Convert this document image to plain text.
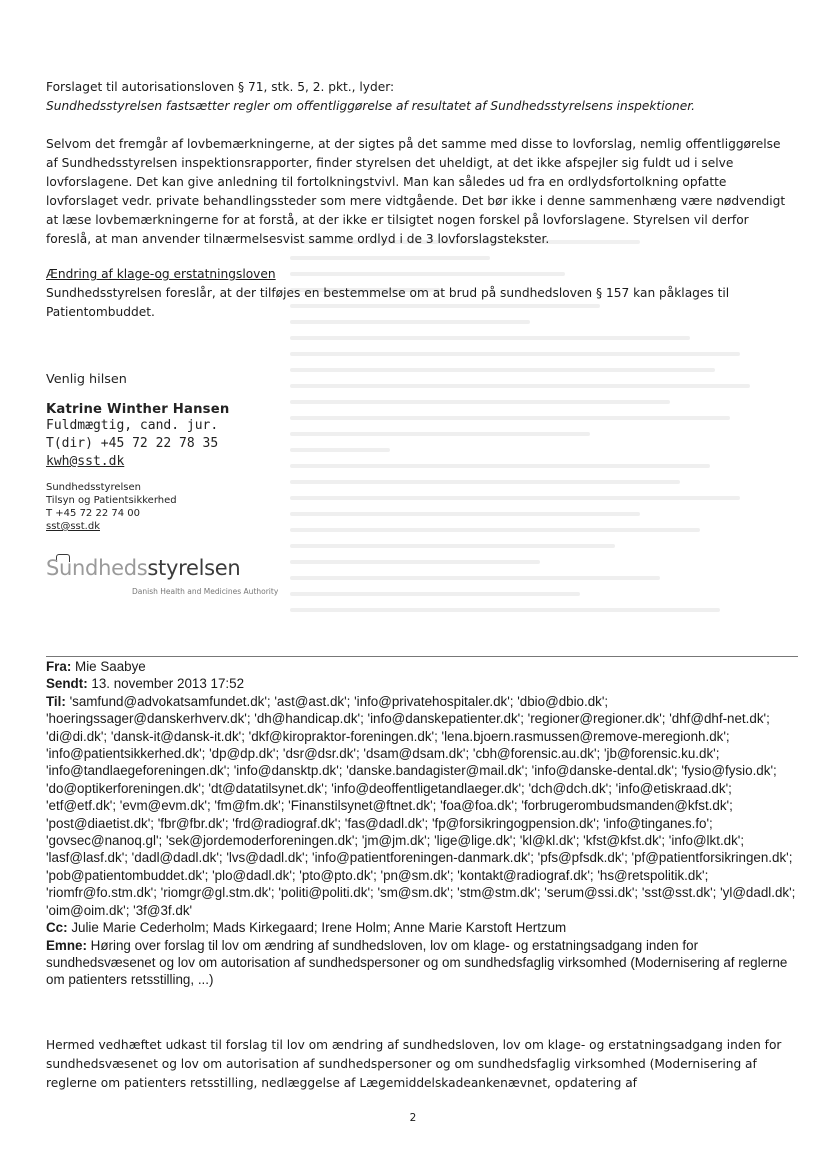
Forslaget til autorisationsloven § 71, stk. 5, 2. pkt., lyder:

Sundhedsstyrelsen fastsætter regler om offentliggørelse af resultatet af Sundhedsstyrelsens inspektioner.

Selvom det fremgår af lovbemærkningerne, at der sigtes på det samme med disse to lovforslag, nemlig offentliggørelse af Sundhedsstyrelsen inspektionsrapporter, finder styrelsen det uheldigt, at det ikke afspejler sig fuldt ud i selve lovforslagene. Det kan give anledning til fortolkningstvivl. Man kan således ud fra en ordlydsfortolkning opfatte lovforslaget vedr. private behandlingssteder som mere vidtgående. Det bør ikke i denne sammenhæng være nødvendigt at læse lovbemærkningerne for at forstå, at der ikke er tilsigtet nogen forskel på lovforslagene. Styrelsen vil derfor foreslå, at man anvender tilnærmelsesvist samme ordlyd i de 3 lovforslagstekster.

Ændring af klage-og erstatningsloven

Sundhedsstyrelsen foreslår, at der tilføjes en bestemmelse om at brud på sundhedsloven § 157 kan påklages til Patientombuddet.

Venlig hilsen
Katrine Winther Hansen
Fuldmægtig, cand. jur.
T(dir) +45 72 22 78 35
kwh@sst.dk
Sundhedsstyrelsen
Tilsyn og Patientsikkerhed
T +45 72 22 74 00
sst@sst.dk
Sundhedsstyrelsen
Danish Health and Medicines Authority

Fra: Mie Saabye

Sendt: 13. november 2013 17:52

Til: 'samfund@advokatsamfundet.dk'; 'ast@ast.dk'; 'info@privatehospitaler.dk'; 'dbio@dbio.dk'; 'hoeringssager@danskerhverv.dk'; 'dh@handicap.dk'; 'info@danskepatienter.dk'; 'regioner@regioner.dk'; 'dhf@dhf-net.dk'; 'di@di.dk'; 'dansk-it@dansk-it.dk'; 'dkf@kiropraktor-foreningen.dk'; 'lena.bjoern.rasmussen@remove-meregionh.dk'; 'info@patientsikkerhed.dk'; 'dp@dp.dk'; 'dsr@dsr.dk'; 'dsam@dsam.dk'; 'cbh@forensic.au.dk'; 'jb@forensic.ku.dk'; 'info@tandlaegeforeningen.dk'; 'info@dansktp.dk'; 'danske.bandagister@mail.dk'; 'info@danske-dental.dk'; 'fysio@fysio.dk'; 'do@optikerforeningen.dk'; 'dt@datatilsynet.dk'; 'info@deoffentligetandlaeger.dk'; 'dch@dch.dk'; 'info@etiskraad.dk'; 'etf@etf.dk'; 'evm@evm.dk'; 'fm@fm.dk'; 'Finanstilsynet@ftnet.dk'; 'foa@foa.dk'; 'forbrugerombudsmanden@kfst.dk'; 'post@diaetist.dk'; 'fbr@fbr.dk'; 'frd@radiograf.dk'; 'fas@dadl.dk'; 'fp@forsikringogpension.dk'; 'info@tinganes.fo'; 'govsec@nanoq.gl'; 'sek@jordemoderforeningen.dk'; 'jm@jm.dk'; 'lige@lige.dk'; 'kl@kl.dk'; 'kfst@kfst.dk'; 'info@lkt.dk'; 'lasf@lasf.dk'; 'dadl@dadl.dk'; 'lvs@dadl.dk'; 'info@patientforeningen-danmark.dk'; 'pfs@pfsdk.dk'; 'pf@patientforsikringen.dk'; 'pob@patientombuddet.dk'; 'plo@dadl.dk'; 'pto@pto.dk'; 'pn@sm.dk'; 'kontakt@radiograf.dk'; 'hs@retspolitik.dk'; 'riomfr@fo.stm.dk'; 'riomgr@gl.stm.dk'; 'politi@politi.dk'; 'sm@sm.dk'; 'stm@stm.dk'; 'serum@ssi.dk'; 'sst@sst.dk'; 'yl@dadl.dk'; 'oim@oim.dk'; '3f@3f.dk'

Cc: Julie Marie Cederholm; Mads Kirkegaard; Irene Holm; Anne Marie Karstoft Hertzum

Emne: Høring over forslag til lov om ændring af sundhedsloven, lov om klage- og erstatningsadgang inden for sundhedsvæsenet og lov om autorisation af sundhedspersoner og om sundhedsfaglig virksomhed (Modernisering af reglerne om patienters retsstilling, ...)

Hermed vedhæftet udkast til forslag til lov om ændring af sundhedsloven, lov om klage- og erstatningsadgang inden for sundhedsvæsenet og lov om autorisation af sundhedspersoner og om sundhedsfaglig virksomhed (Modernisering af reglerne om patienters retsstilling, nedlæggelse af Lægemiddelskadeankenævnet, opdatering af

2
